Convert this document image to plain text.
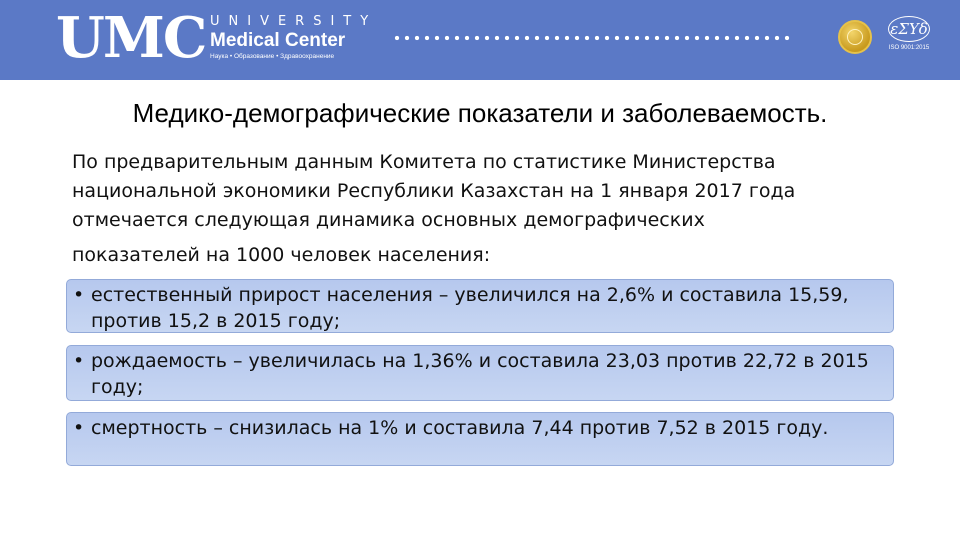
UMC UNIVERSITY
Medical Center
Наука • Образование • Здравоохранение
εΣΥδ
ISO 9001:2015
Медико-демографические показатели и заболеваемость.
По предварительным данным Комитета по статистике Министерства
национальной экономики Республики Казахстан на 1 января 2017 года
отмечается следующая динамика основных демографических
показателей на 1000 человек населения:
• естественный прирост населения – увеличился на 2,6% и составила 15,59, против 15,2 в 2015 году;
• рождаемость – увеличилась на 1,36% и составила 23,03 против 22,72 в 2015 году;
• смертность – снизилась на 1% и составила 7,44 против 7,52 в 2015 году.
